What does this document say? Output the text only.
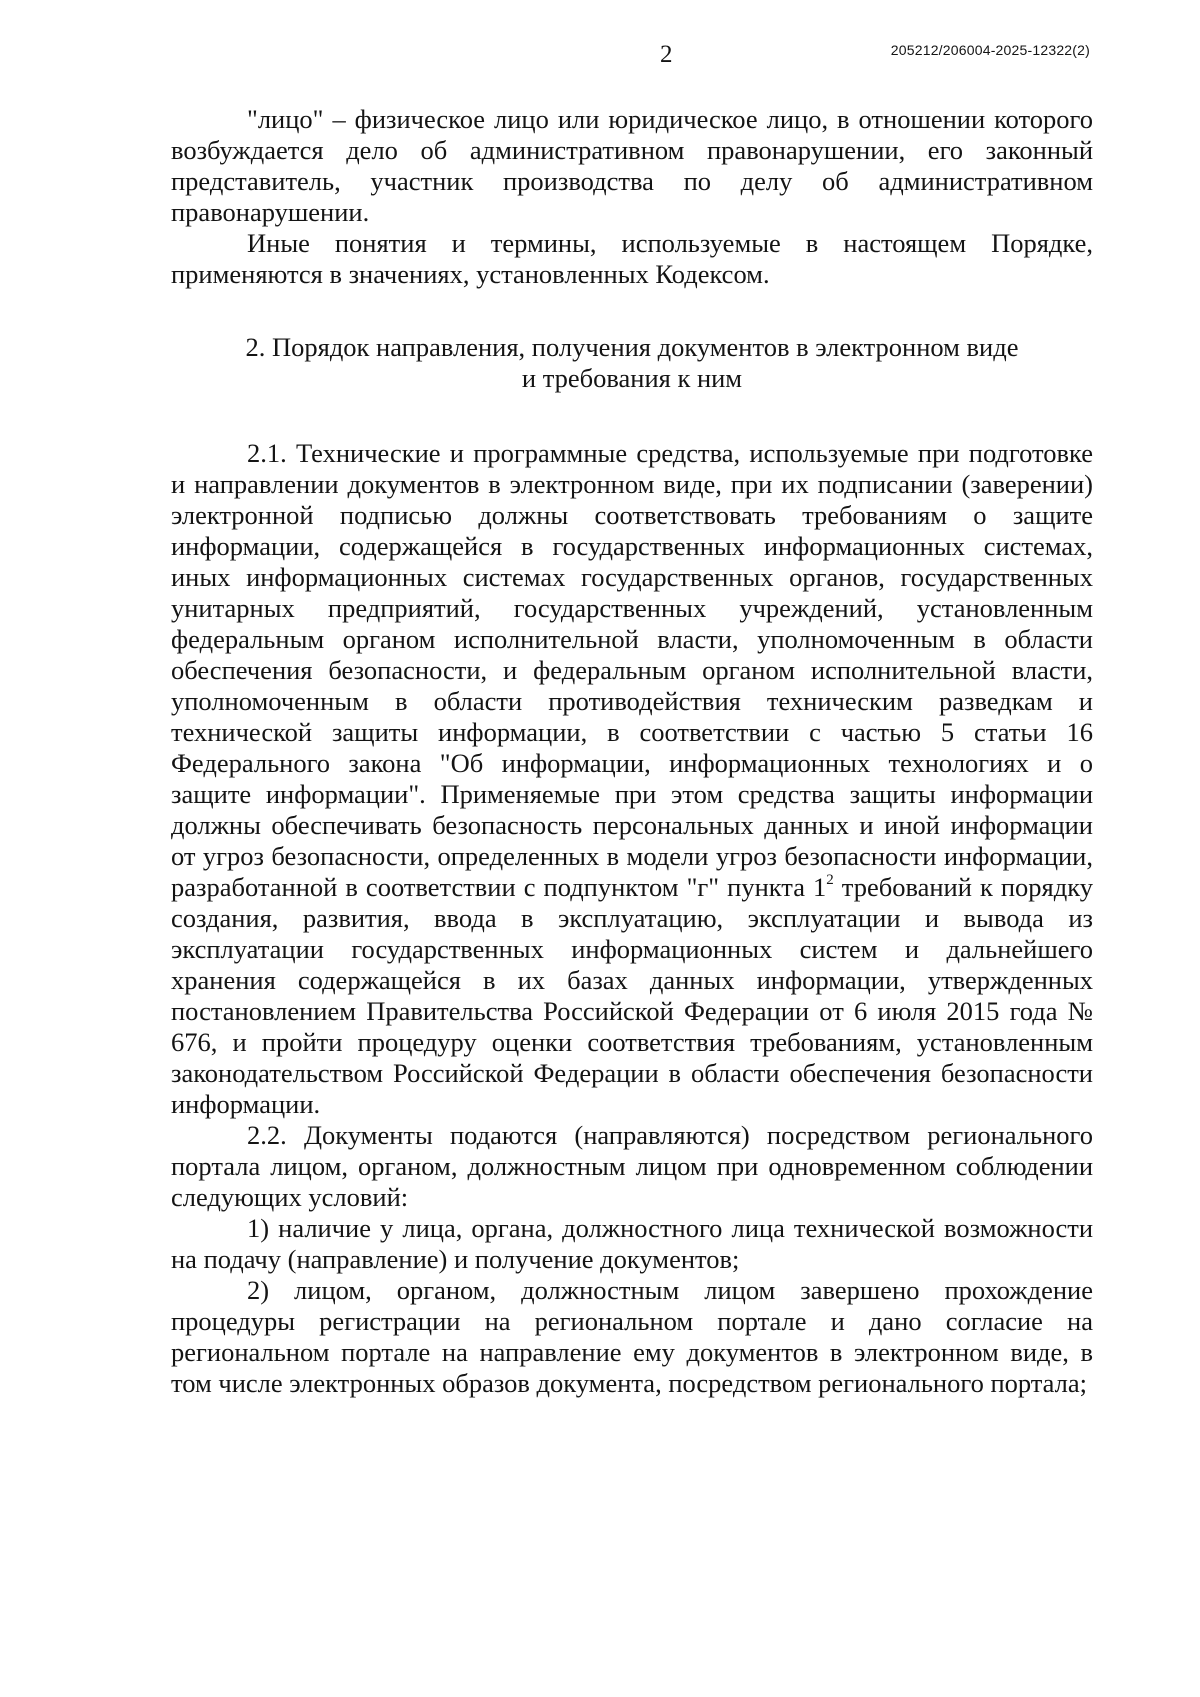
2	205212/206004-2025-12322(2)

"лицо" – физическое лицо или юридическое лицо, в отношении которого возбуждается дело об административном правонарушении, его законный представитель, участник производства по делу об административном правонарушении.

Иные понятия и термины, используемые в настоящем Порядке, применяются в значениях, установленных Кодексом.

2. Порядок направления, получения документов в электронном виде
и требования к ним

2.1. Технические и программные средства, используемые при подготовке и направлении документов в электронном виде, при их подписании (заверении) электронной подписью должны соответствовать требованиям о защите информации, содержащейся в государственных информационных системах, иных информационных системах государственных органов, государственных унитарных предприятий, государственных учреждений, установленным федеральным органом исполнительной власти, уполномоченным в области обеспечения безопасности, и федеральным органом исполнительной власти, уполномоченным в области противодействия техническим разведкам и технической защиты информации, в соответствии с частью 5 статьи 16 Федерального закона "Об информации, информационных технологиях и о защите информации". Применяемые при этом средства защиты информации должны обеспечивать безопасность персональных данных и иной информации от угроз безопасности, определенных в модели угроз безопасности информации, разработанной в соответствии с подпунктом "г" пункта $1^2$ требований к порядку создания, развития, ввода в эксплуатацию, эксплуатации и вывода из эксплуатации государственных информационных систем и дальнейшего хранения содержащейся в их базах данных информации, утвержденных постановлением Правительства Российской Федерации от 6 июля 2015 года № 676, и пройти процедуру оценки соответствия требованиям, установленным законодательством Российской Федерации в области обеспечения безопасности информации.

2.2. Документы подаются (направляются) посредством регионального портала лицом, органом, должностным лицом при одновременном соблюдении следующих условий:

1) наличие у лица, органа, должностного лица технической возможности на подачу (направление) и получение документов;

2) лицом, органом, должностным лицом завершено прохождение процедуры регистрации на региональном портале и дано согласие на региональном портале на направление ему документов в электронном виде, в том числе электронных образов документа, посредством регионального портала;
